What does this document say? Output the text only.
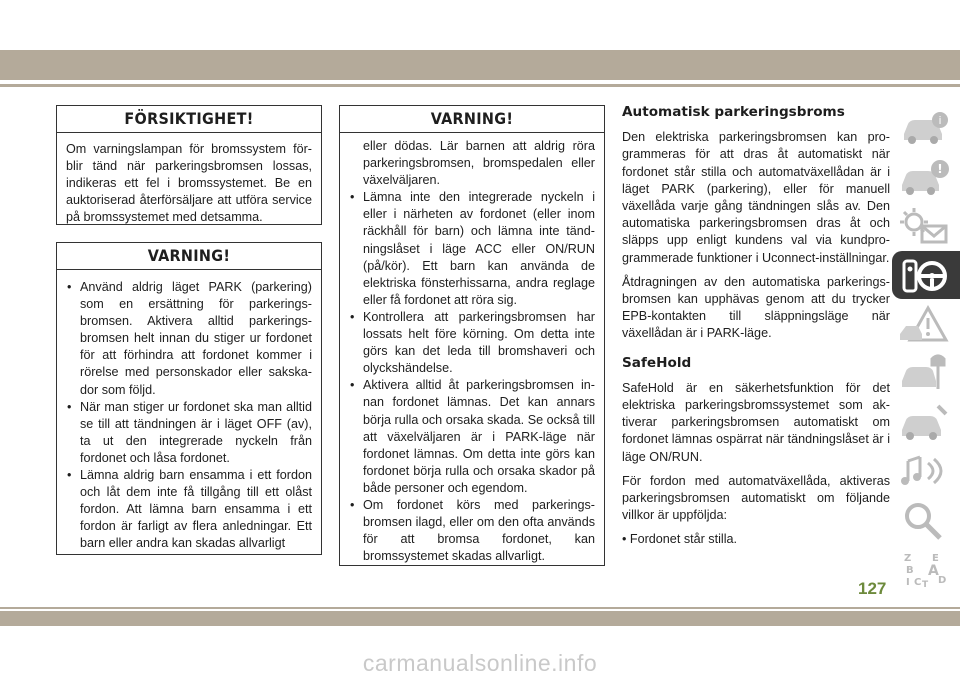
FÖRSIKTIGHET!
Om varningslampan för bromssystem för-blir tänd när parkeringsbromsen lossas, indikeras ett fel i bromssystemet. Be en auktoriserad återförsäljare att utföra service på bromssystemet med detsamma.
VARNING!
• Använd aldrig läget PARK (parkering) som en ersättning för parkerings-bromsen. Aktivera alltid parkerings-bromsen helt innan du stiger ur fordonet för att förhindra att fordonet kommer i rörelse med personskador eller sakska-dor som följd.
• När man stiger ur fordonet ska man alltid se till att tändningen är i läget OFF (av), ta ut den integrerade nyckeln från fordonet och låsa fordonet.
• Lämna aldrig barn ensamma i ett fordon och låt dem inte få tillgång till ett olåst fordon. Att lämna barn ensamma i ett fordon är farligt av flera anledningar. Ett barn eller andra kan skadas allvarligt
VARNING!
eller dödas. Lär barnen att aldrig röra parkeringsbromsen, bromspedalen eller växelväljaren.
• Lämna inte den integrerade nyckeln i eller i närheten av fordonet (eller inom räckhåll för barn) och lämna inte tänd-ningslåset i läge ACC eller ON/RUN (på/kör). Ett barn kan använda de elektriska fönsterhissarna, andra reglage eller få fordonet att röra sig.
• Kontrollera att parkeringsbromsen har lossats helt före körning. Om detta inte görs kan det leda till bromshaveri och olyckshändelse.
• Aktivera alltid åt parkeringsbromsen in-nan fordonet lämnas. Det kan annars börja rulla och orsaka skada. Se också till att växelväljaren är i PARK-läge när fordonet lämnas. Om detta inte görs kan fordonet börja rulla och orsaka skador på både personer och egendom.
• Om fordonet körs med parkerings-bromsen ilagd, eller om den ofta används för att bromsa fordonet, kan bromssystemet skadas allvarligt.
Automatisk parkeringsbroms

Den elektriska parkeringsbromsen kan pro-grammeras för att dras åt automatiskt när fordonet står stilla och automatväxellådan är i läget PARK (parkering), eller för manuell växellåda varje gång tändningen slås av. Den automatiska parkeringsbromsen dras åt och släpps upp enligt kundens val via kundpro-grammerade funktioner i Uconnect-inställningar.

Åtdragningen av den automatiska parkerings-bromsen kan upphävas genom att du trycker EPB-kontakten till släppningsläge när växellådan är i PARK-läge.

SafeHold

SafeHold är en säkerhetsfunktion för det elektriska parkeringsbromssystemet som ak-tiverar parkeringsbromsen automatiskt om fordonet lämnas ospärrat när tändningslåset är i läge ON/RUN.

För fordon med automatväxellåda, aktiveras parkeringsbromsen automatiskt om följande villkor är uppföljda:

• Fordonet står stilla.

i
!
Z E
B A
D
I C T
127
carmanualsonline.info
